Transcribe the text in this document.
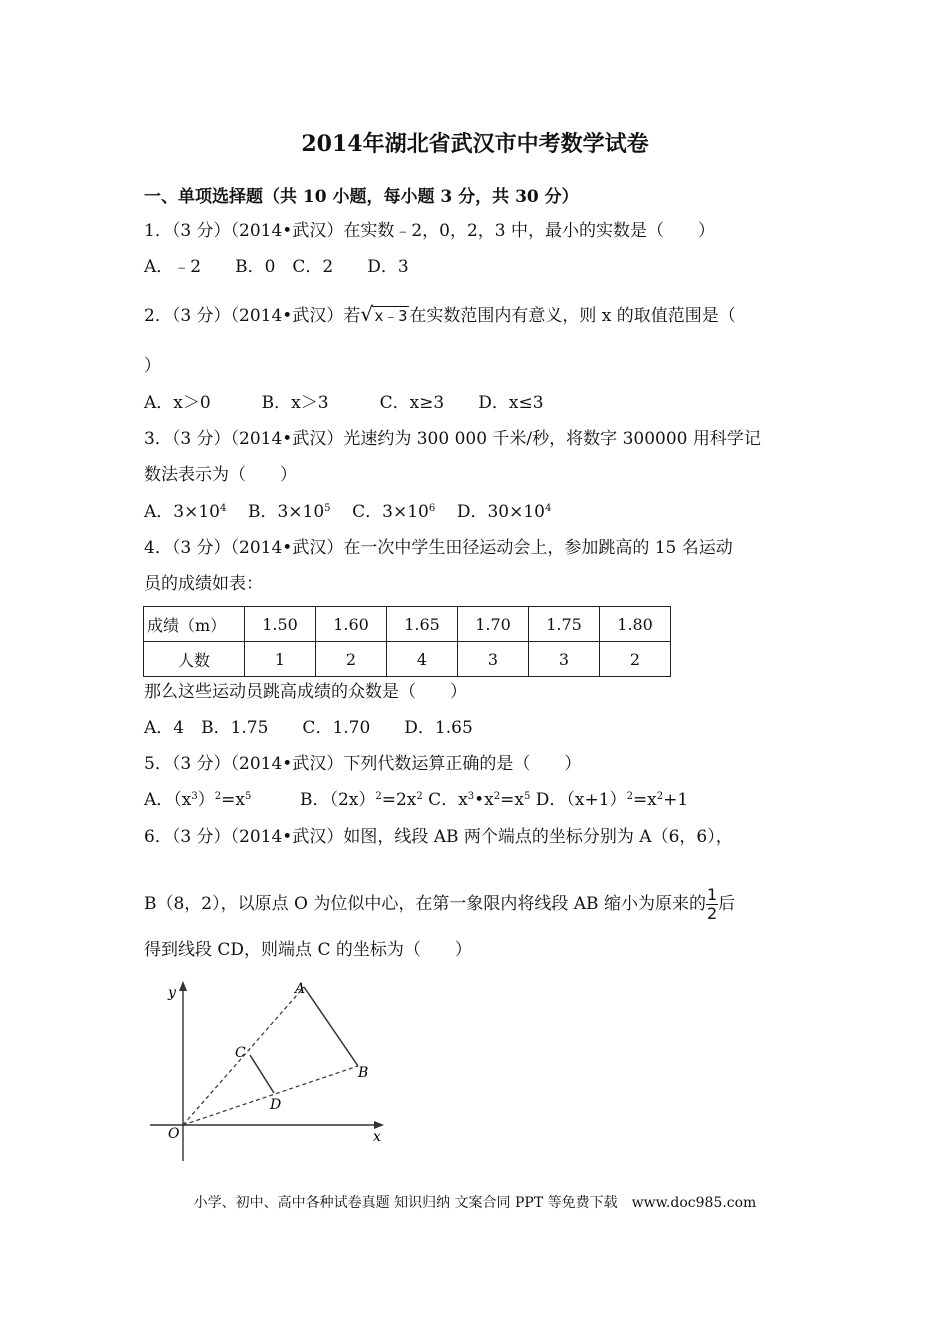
2014年湖北省武汉市中考数学试卷
一、单项选择题（共 10 小题，每小题 3 分，共 30 分）
1．（3 分）（2014•武汉）在实数﹣2，0，2，3 中，最小的实数是（　　）
A．﹣2　　B．0　C．2　　D．3
2．（3 分）（2014•武汉）若 √ x﹣3 在实数范围内有意义，则 x 的取值范围是（
）
A．x＞0　　　B．x＞3　　　C．x≥3　　D．x≤3
3．（3 分）（2014•武汉）光速约为 300 000 千米/秒，将数字 300000 用科学记
数法表示为（　　）
A．$3\times 10^4$ B．$3\times 10^5$ C．$3\times 10^6$ D．$30\times 10^4$
4．（3 分）（2014•武汉）在一次中学生田径运动会上，参加跳高的 15 名运动
员的成绩如表：
成绩（m）	1.50	1.60	1.65	1.70	1.75	1.80
人数	1	2	4	3	3	2
那么这些运动员跳高成绩的众数是（　　）
A．4　B．1.75　　C．1.70　　D．1.65
5．（3 分）（2014•武汉）下列代数运算正确的是（　　）
A．$(x^3)^2=x^5$         B．$(2x)^2=2x^2$ C．$x^3•x^2=x^5$ D．$(x+1)^2=x^2+1$
6．（3 分）（2014•武汉）如图，线段 AB 两个端点的坐标分别为 A（6，6），
B（8，2），以原点 O 为位似中心，在第一象限内将线段 AB 缩小为原来的 $\frac{1}{2}$ 后
得到线段 CD，则端点 C 的坐标为（　　）
y
x
O
A
B
C
D
小学、初中、高中各种试卷真题 知识归纳 文案合同 PPT 等免费下载　www.doc985.com
